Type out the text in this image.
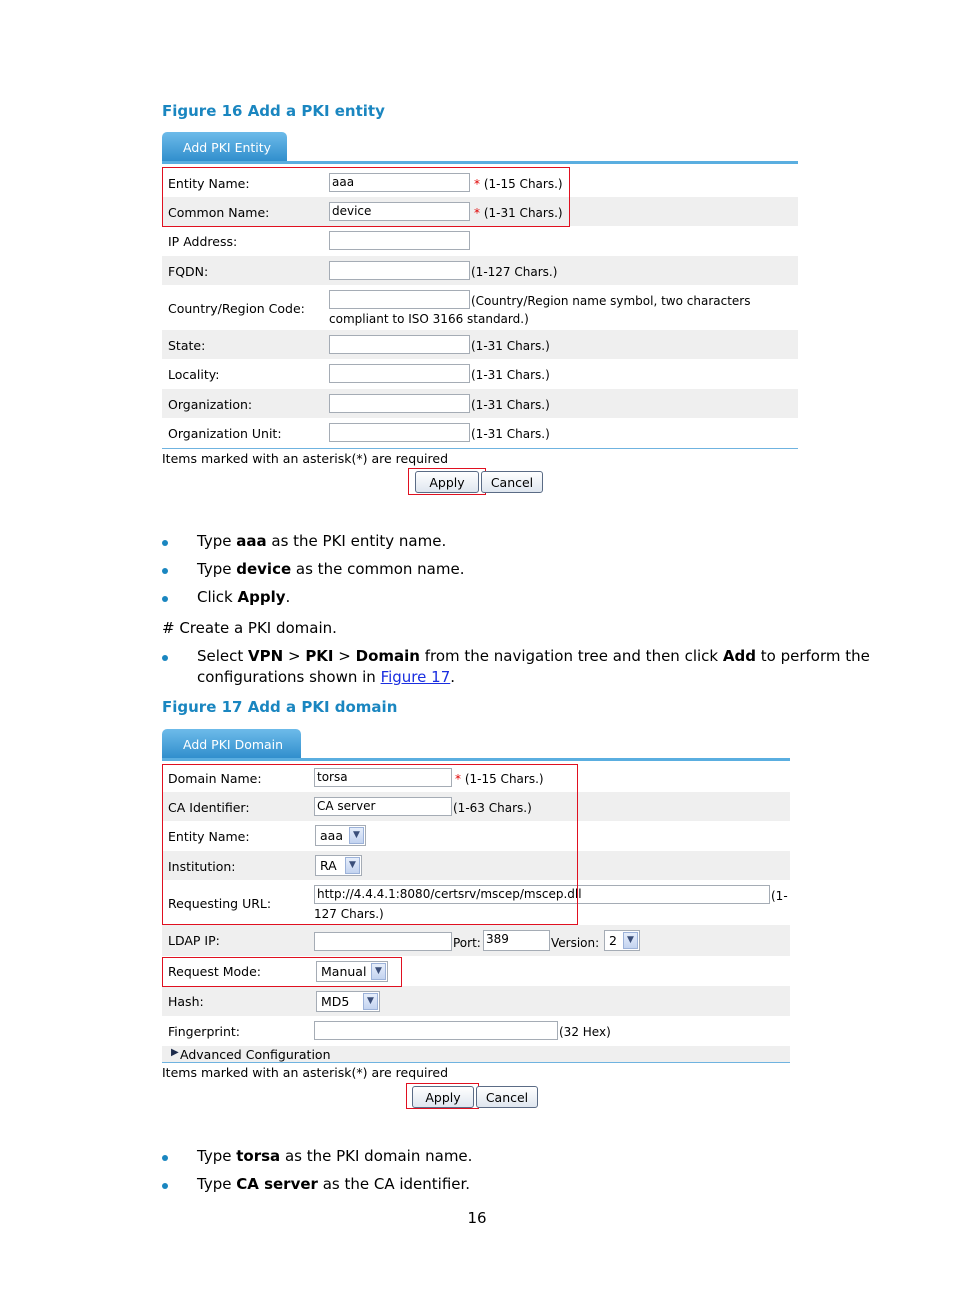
Figure 16 Add a PKI entity
Add PKI Entity
Entity Name:	aaa	* (1-15 Chars.)
Common Name:	device	* (1-31 Chars.)
IP Address:
FQDN:	(1-127 Chars.)
Country/Region Code:	(Country/Region name symbol, two characters
compliant to ISO 3166 standard.)
State:	(1-31 Chars.)
Locality:	(1-31 Chars.)
Organization:	(1-31 Chars.)
Organization Unit:	(1-31 Chars.)
Items marked with an asterisk(*) are required
Apply	Cancel
Type aaa as the PKI entity name.
Type device as the common name.
Click Apply.
# Create a PKI domain.
Select VPN > PKI > Domain from the navigation tree and then click Add to perform the
configurations shown in Figure 17.
Figure 17 Add a PKI domain
Add PKI Domain
Domain Name:	torsa	* (1-15 Chars.)
CA Identifier:	CA server	(1-63 Chars.)
Entity Name:	aaa	▼
Institution:	RA	▼
Requesting URL:
http://4.4.4.1:8080/certsrv/mscep/mscep.dll	(1-
127 Chars.)
LDAP IP:	Port: 389	Version: 2	▼
Request Mode:	Manual ▼
Hash:	MD5	▼
Fingerprint:	(32 Hex)
▶ Advanced Configuration
Items marked with an asterisk(*) are required
Apply	Cancel
Type torsa as the PKI domain name.
Type CA server as the CA identifier.
16
